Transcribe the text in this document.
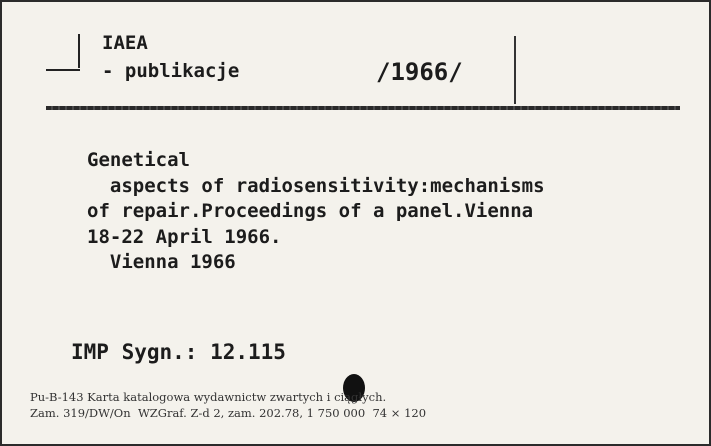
IAEA
- publikacje	/1966/
Genetical
aspects of radiosensitivity:mechanisms
of repair.Proceedings of a panel.Vienna
18-22 April 1966.
Vienna 1966
IMP Sygn.: 12.115
Pu-B-143 Karta katalogowa wydawnictw zwartych i ciągłych.
Zam. 319/DW/On  WZGraf. Z-d 2, zam. 202.78, 1 750 000  74 × 120
